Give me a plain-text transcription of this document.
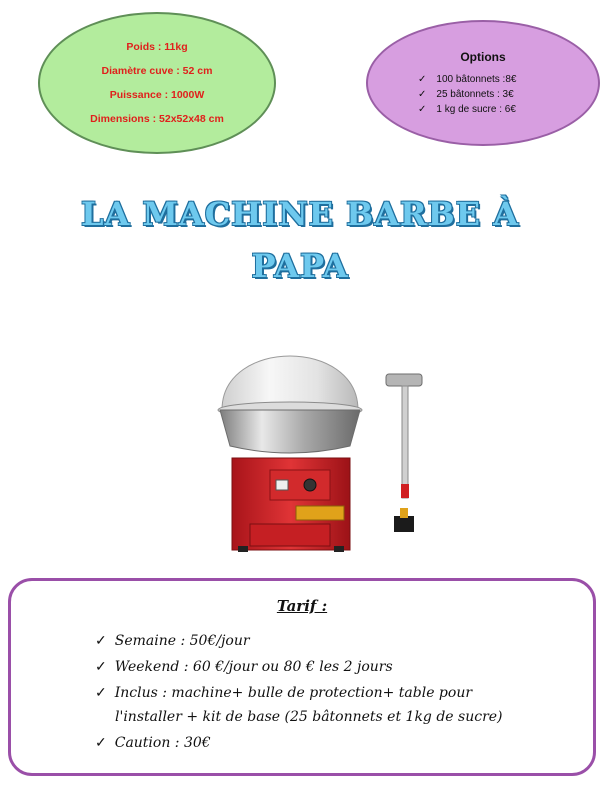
Poids : 11kg
Diamètre cuve : 52 cm
Puissance : 1000W
Dimensions : 52x52x48 cm
Options
✓ 100 bâtonnets :8€
✓ 25 bâtonnets : 3€
✓ 1 kg de sucre : 6€
LA MACHINE BARBE À
PAPA
Tarif :
✓ Semaine : 50€/jour
✓ Weekend : 60 €/jour ou 80 € les 2 jours
✓ Inclus : machine+ bulle de protection+ table pour
l'installer + kit de base (25 bâtonnets et 1kg de sucre)
✓ Caution : 30€
